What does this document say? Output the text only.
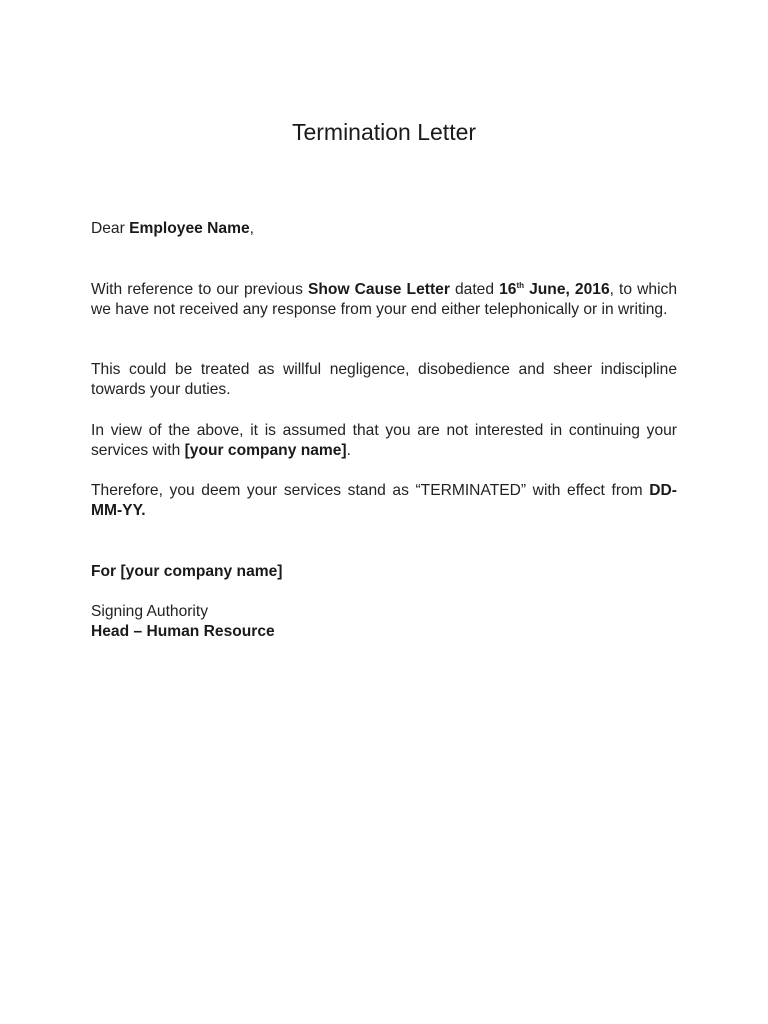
Termination Letter
Dear Employee Name,
With reference to our previous Show Cause Letter dated 16th June, 2016, to which we have not received any response from your end either telephonically or in writing.
This could be treated as willful negligence, disobedience and sheer indiscipline towards your duties.
In view of the above, it is assumed that you are not interested in continuing your services with [your company name].
Therefore, you deem your services stand as “TERMINATED” with effect from DD-MM-YY.
For [your company name]
Signing Authority
Head – Human Resource
